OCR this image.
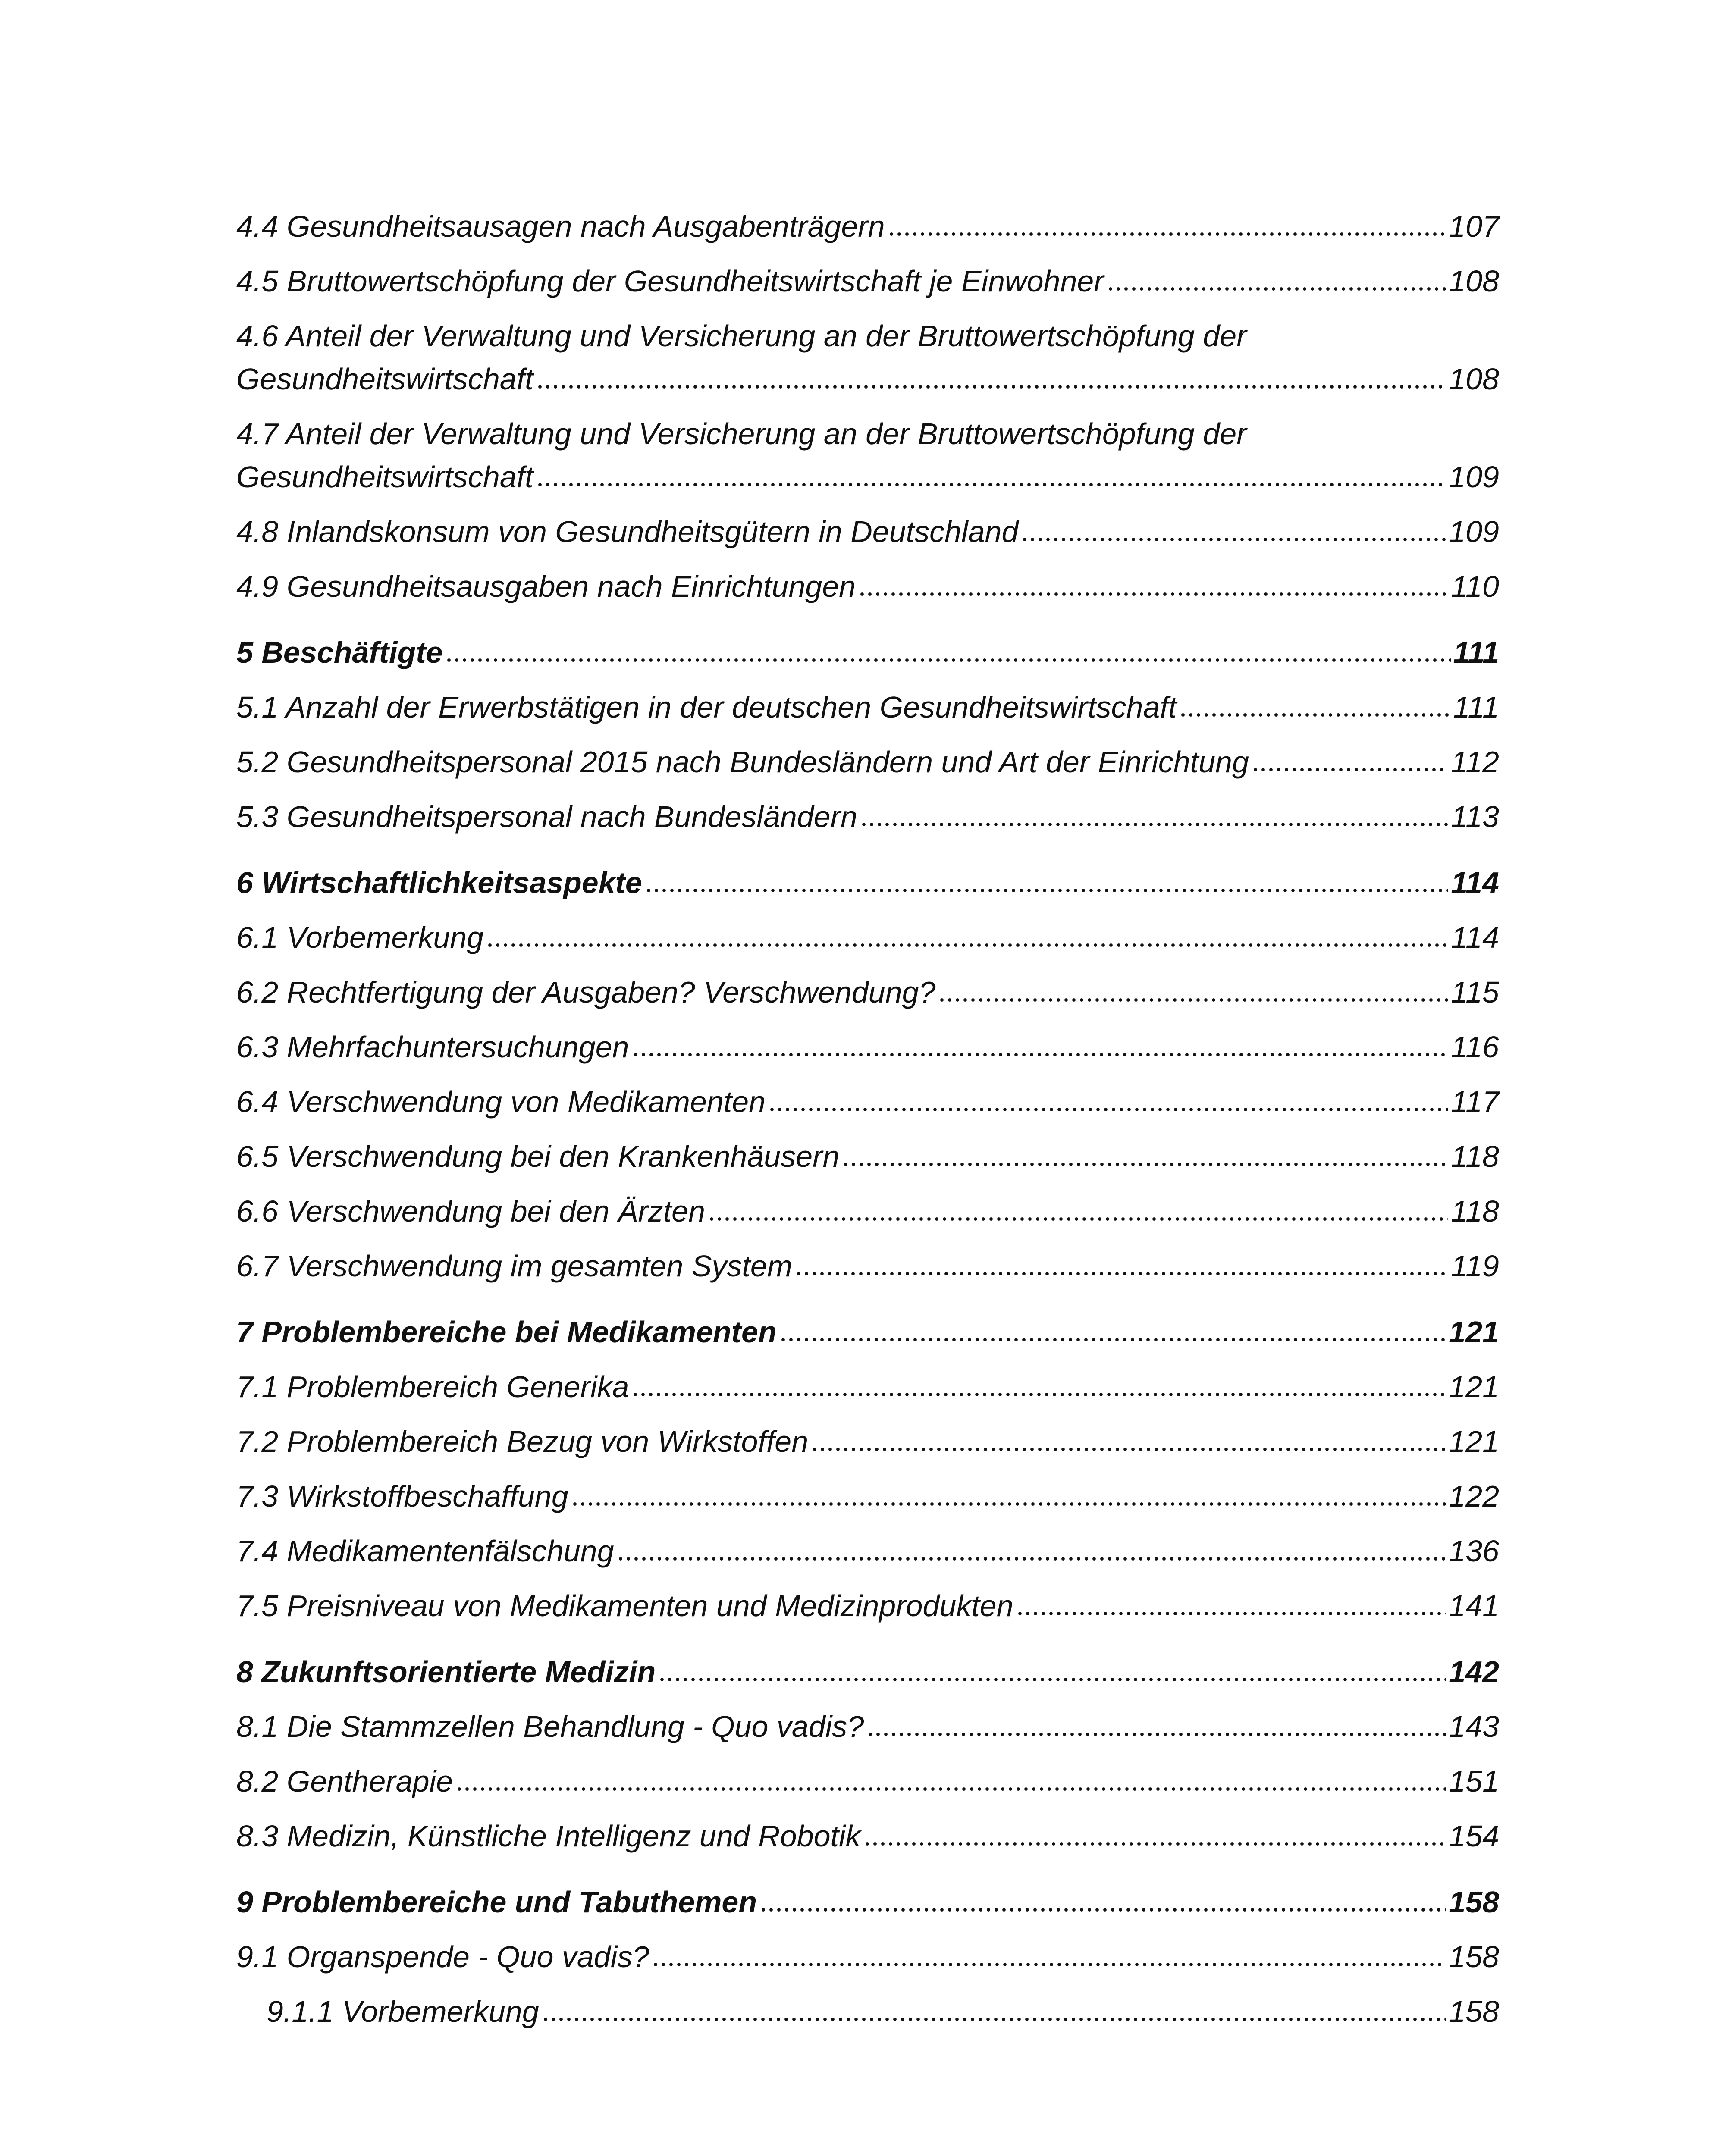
4.4 Gesundheitsausagen nach Ausgabenträgern	107
4.5 Bruttowertschöpfung der Gesundheitswirtschaft je Einwohner	108
4.6 Anteil der Verwaltung und Versicherung an der Bruttowertschöpfung der
Gesundheitswirtschaft	108
4.7 Anteil der Verwaltung und Versicherung an der Bruttowertschöpfung der
Gesundheitswirtschaft	109
4.8 Inlandskonsum von Gesundheitsgütern in Deutschland	109
4.9 Gesundheitsausgaben nach Einrichtungen	110
5 Beschäftigte	111
5.1 Anzahl der Erwerbstätigen in der deutschen Gesundheitswirtschaft	111
5.2 Gesundheitspersonal 2015 nach Bundesländern und Art der Einrichtung	112
5.3 Gesundheitspersonal nach Bundesländern	113
6 Wirtschaftlichkeitsaspekte	114
6.1 Vorbemerkung	114
6.2 Rechtfertigung der Ausgaben? Verschwendung?	115
6.3 Mehrfachuntersuchungen	116
6.4 Verschwendung von Medikamenten	117
6.5 Verschwendung bei den Krankenhäusern	118
6.6 Verschwendung bei den Ärzten	118
6.7 Verschwendung im gesamten System	119
7 Problembereiche bei Medikamenten	121
7.1 Problembereich Generika	121
7.2 Problembereich Bezug von Wirkstoffen	121
7.3 Wirkstoffbeschaffung	122
7.4 Medikamentenfälschung	136
7.5 Preisniveau von Medikamenten und Medizinprodukten	141
8 Zukunftsorientierte Medizin	142
8.1 Die Stammzellen Behandlung - Quo vadis?	143
8.2 Gentherapie	151
8.3 Medizin, Künstliche Intelligenz und Robotik	154
9 Problembereiche und Tabuthemen	158
9.1 Organspende - Quo vadis?	158
9.1.1 Vorbemerkung	158
